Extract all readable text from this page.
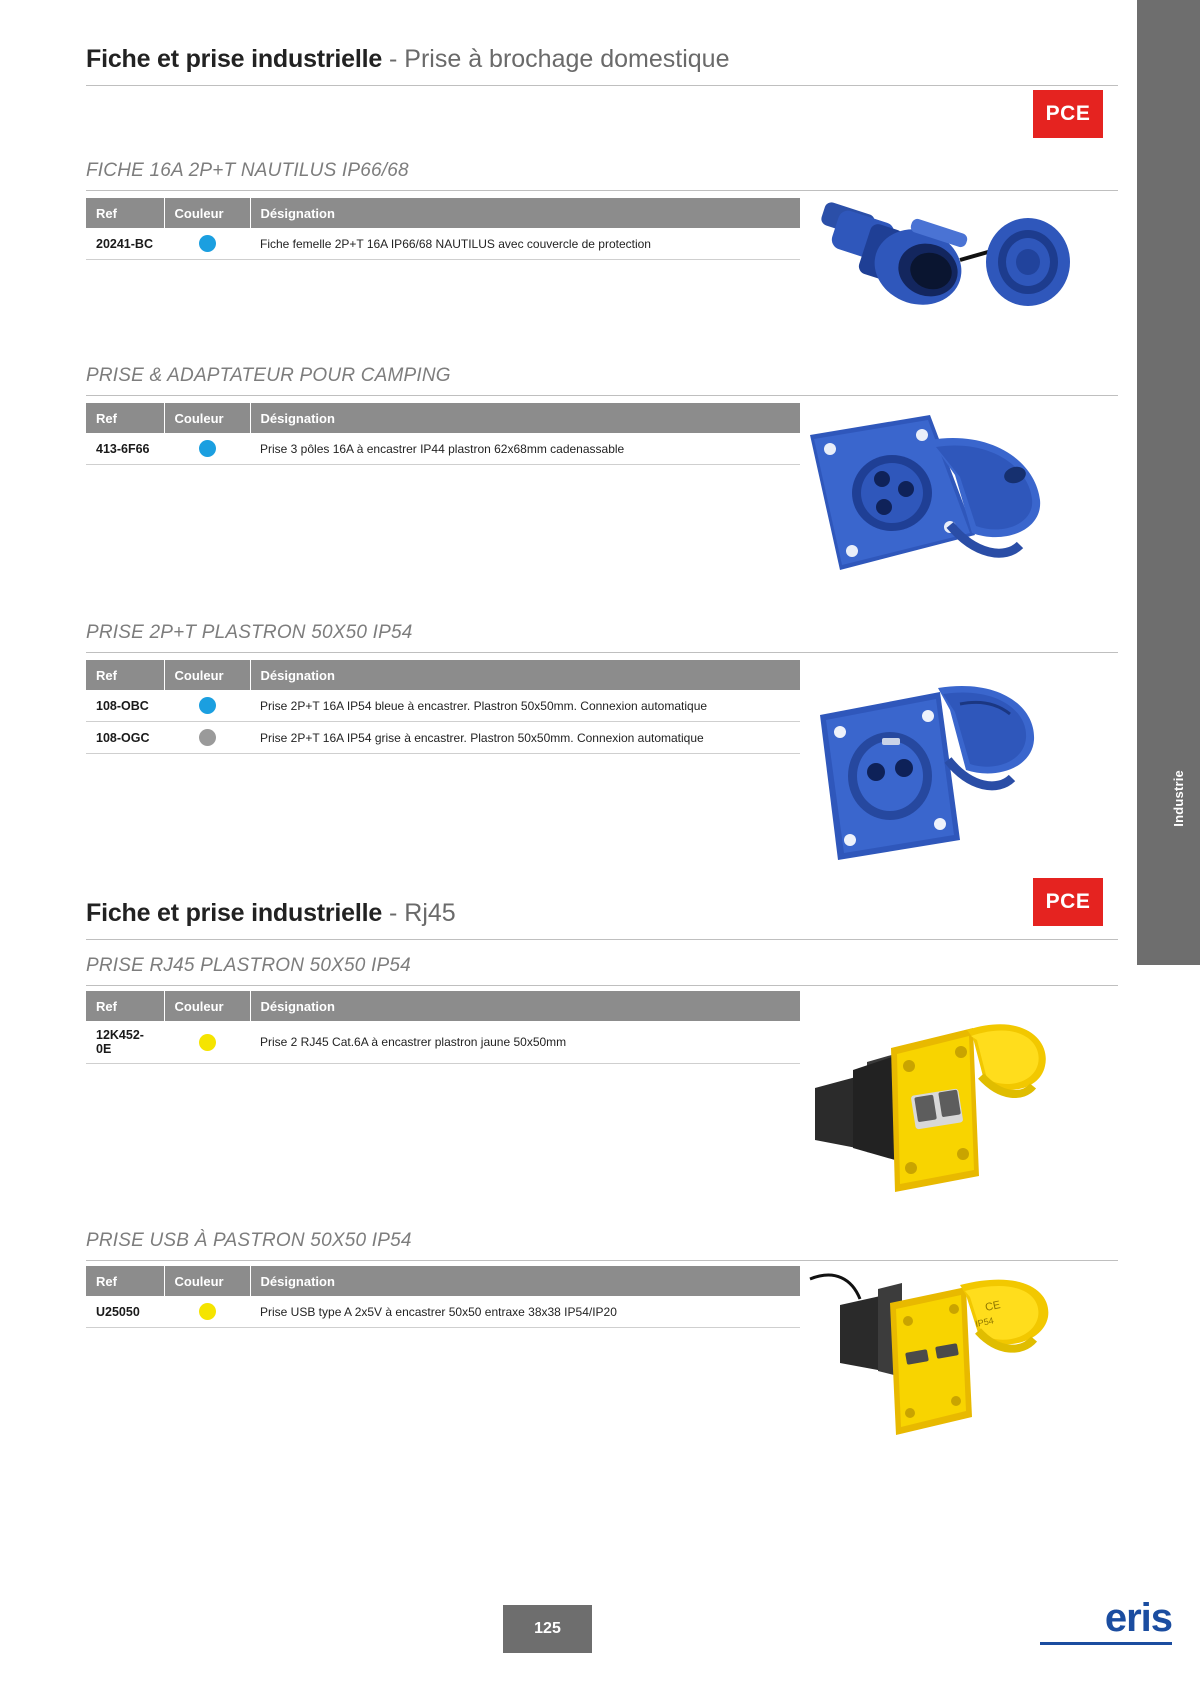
Industrie
Fiche et prise industrielle - Prise à brochage domestique
PCE
FICHE 16A 2P+T NAUTILUS IP66/68
Ref	Couleur	Désignation
20241-BC		Fiche femelle 2P+T 16A IP66/68 NAUTILUS avec couvercle de protection
PRISE & ADAPTATEUR POUR CAMPING
Ref	Couleur	Désignation
413-6F66		Prise 3 pôles 16A à encastrer IP44 plastron 62x68mm cadenassable
PRISE 2P+T PLASTRON 50X50 IP54
Ref	Couleur	Désignation
108-OBC		Prise 2P+T 16A IP54 bleue à encastrer. Plastron 50x50mm. Connexion automatique
108-OGC		Prise 2P+T 16A IP54 grise à encastrer. Plastron 50x50mm. Connexion automatique
Fiche et prise industrielle - Rj45	PCE
PRISE RJ45 PLASTRON 50X50 IP54
Ref	Couleur	Désignation
12K452-0E		Prise 2 RJ45 Cat.6A à encastrer plastron jaune 50x50mm
PRISE USB À PASTRON 50X50 IP54
Ref	Couleur	Désignation
U25050		Prise USB type A 2x5V à encastrer 50x50 entraxe 38x38 IP54/IP20	CE
IP54
125	eris
